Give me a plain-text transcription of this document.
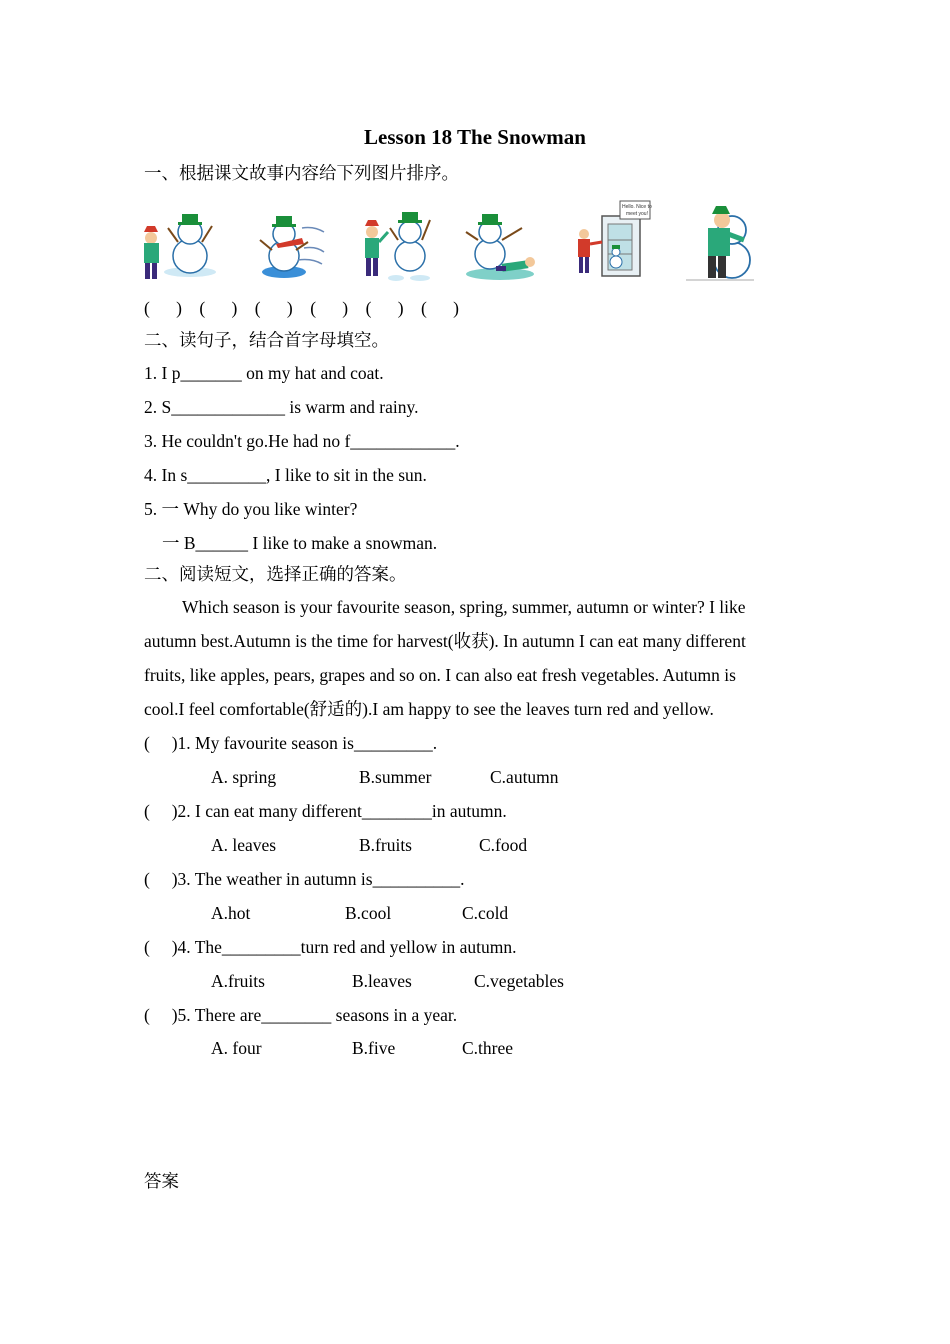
Lesson 18 The Snowman
一、根据课文故事内容给下列图片排序。
Hello. Nice to
meet you!
(      )    (      )    (      )    (      )    (      )    (      )
二、读句子，结合首字母填空。
1. I p_______ on my hat and coat.
2. S_____________ is warm and rainy.
3. He couldn't go.He had no f____________.
4. In s_________, I like to sit in the sun.
5. 一 Why do you like winter?
一 B______ I like to make a snowman.
二、阅读短文，选择正确的答案。
Which season is your favourite season, spring, summer, autumn or winter? I like
autumn best.Autumn is the time for harvest(收获). In autumn I can eat many different
fruits, like apples, pears, grapes and so on. I can also eat fresh vegetables. Autumn is
cool.I feel comfortable(舒适的).I am happy to see the leaves turn red and yellow.
(     )1. My favourite season is_________.
A. spring	B.summer	C.autumn
(     )2. I can eat many different________in autumn.
A. leaves	B.fruits	C.food
(     )3. The weather in autumn is__________.
A.hot	B.cool	C.cold
(     )4. The_________turn red and yellow in autumn.
A.fruits	B.leaves	C.vegetables
(     )5. There are________ seasons in a year.
A. four	B.five	C.three
答案
